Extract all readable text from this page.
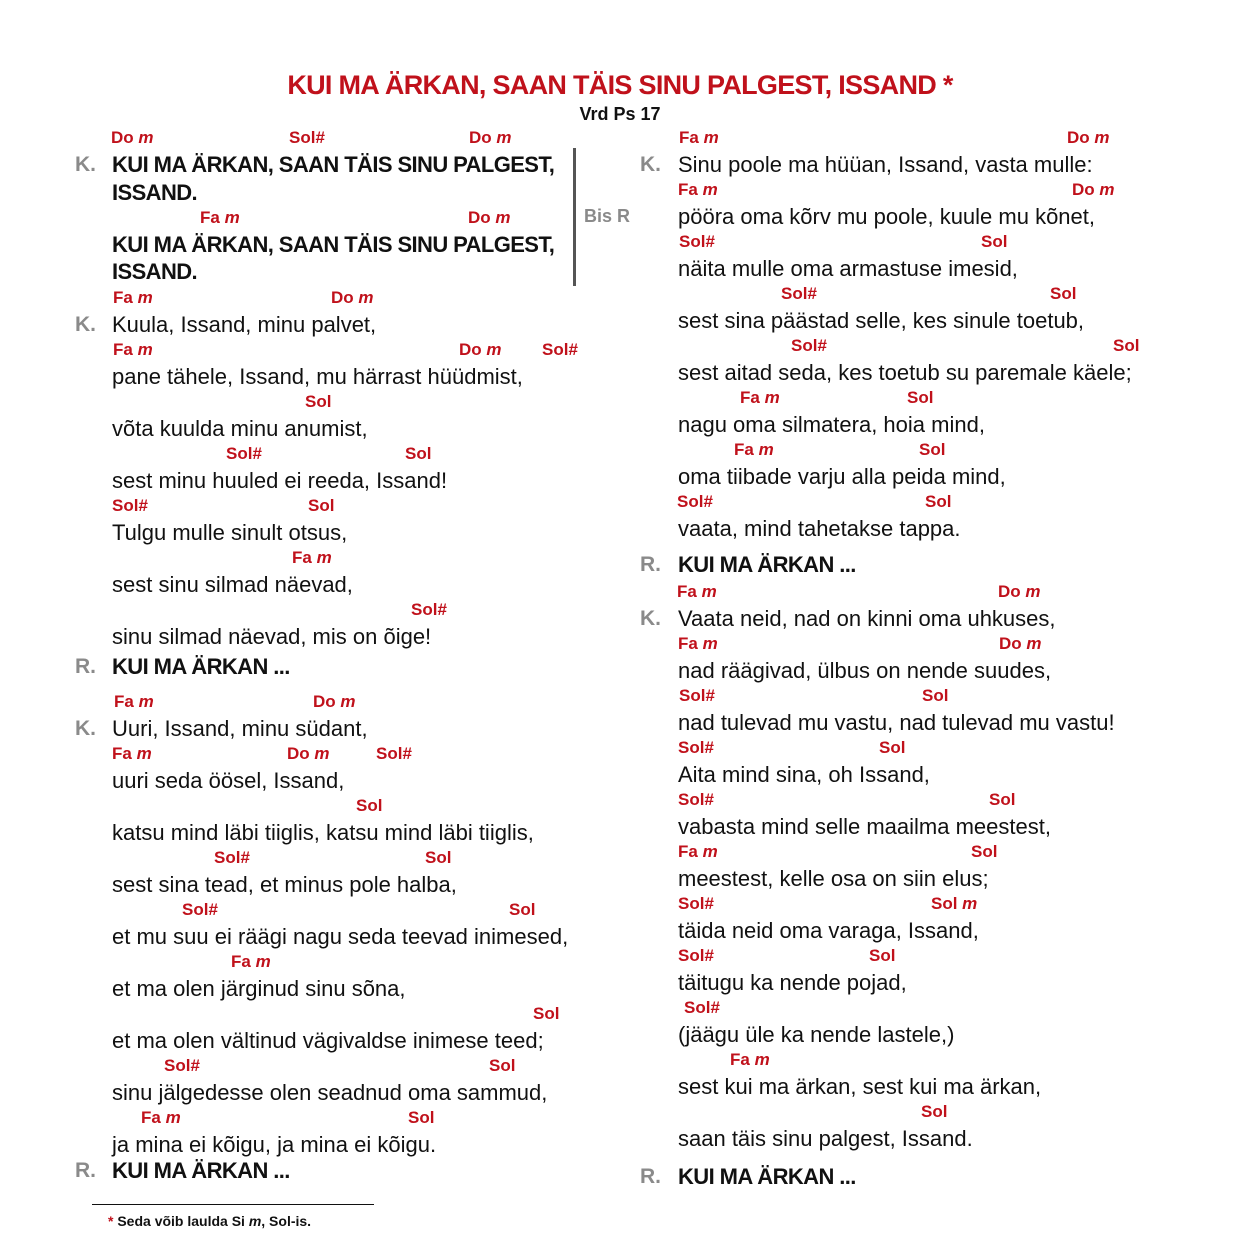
KUI MA ÄRKAN, SAAN TÄIS SINU PALGEST, ISSAND *
Vrd Ps 17
Bis R
Do m	Sol#	Do m
K. KUI MA ÄRKAN, SAAN TÄIS SINU PALGEST,
ISSAND.
Fa m	Do m
KUI MA ÄRKAN, SAAN TÄIS SINU PALGEST,
ISSAND.
Fa m	Do m
K. Kuula, Issand, minu palvet,
Fa m	Do m Sol#
pane tähele, Issand, mu härrast hüüdmist,
Sol
võta kuulda minu anumist,
Sol#	Sol
sest minu huuled ei reeda, Issand!
Sol#	Sol
Tulgu mulle sinult otsus,
Fa m
sest sinu silmad näevad,
Sol#
sinu silmad näevad, mis on õige!
R. KUI MA ÄRKAN ...
Fa m	Do m
K. Uuri, Issand, minu südant,
Fa m	Do m	Sol#
uuri seda öösel, Issand,
Sol
katsu mind läbi tiiglis, katsu mind läbi tiiglis,
Sol#	Sol
sest sina tead, et minus pole halba,
Sol#	Sol
et mu suu ei räägi nagu seda teevad inimesed,
Fa m
et ma olen järginud sinu sõna,
Sol
et ma olen vältinud vägivaldse inimese teed;
Sol#	Sol
sinu jälgedesse olen seadnud oma sammud,
Fa m	Sol
ja mina ei kõigu, ja mina ei kõigu.
R. KUI MA ÄRKAN ...
Fa m	Do m
K. Sinu poole ma hüüan, Issand, vasta mulle:
Fa m	Do m
pööra oma kõrv mu poole, kuule mu kõnet,
Sol#	Sol
näita mulle oma armastuse imesid,
Sol#	Sol
sest sina päästad selle, kes sinule toetub,
Sol#	Sol
sest aitad seda, kes toetub su paremale käele;
Fa m	Sol
nagu oma silmatera, hoia mind,
Fa m	Sol
oma tiibade varju alla peida mind,
Sol#	Sol
vaata, mind tahetakse tappa.
R. KUI MA ÄRKAN ...
Fa m	Do m
K. Vaata neid, nad on kinni oma uhkuses,
Fa m	Do m
nad räägivad, ülbus on nende suudes,
Sol#	Sol
nad tulevad mu vastu, nad tulevad mu vastu!
Sol#	Sol
Aita mind sina, oh Issand,
Sol#	Sol
vabasta mind selle maailma meestest,
Fa m	Sol
meestest, kelle osa on siin elus;
Sol#	Sol m
täida neid oma varaga, Issand,
Sol#	Sol
täitugu ka nende pojad,
Sol#
(jäägu üle ka nende lastele,)
Fa m
sest kui ma ärkan, sest kui ma ärkan,
Sol
saan täis sinu palgest, Issand.
R. KUI MA ÄRKAN ...
* Seda võib laulda Si m, Sol-is.
